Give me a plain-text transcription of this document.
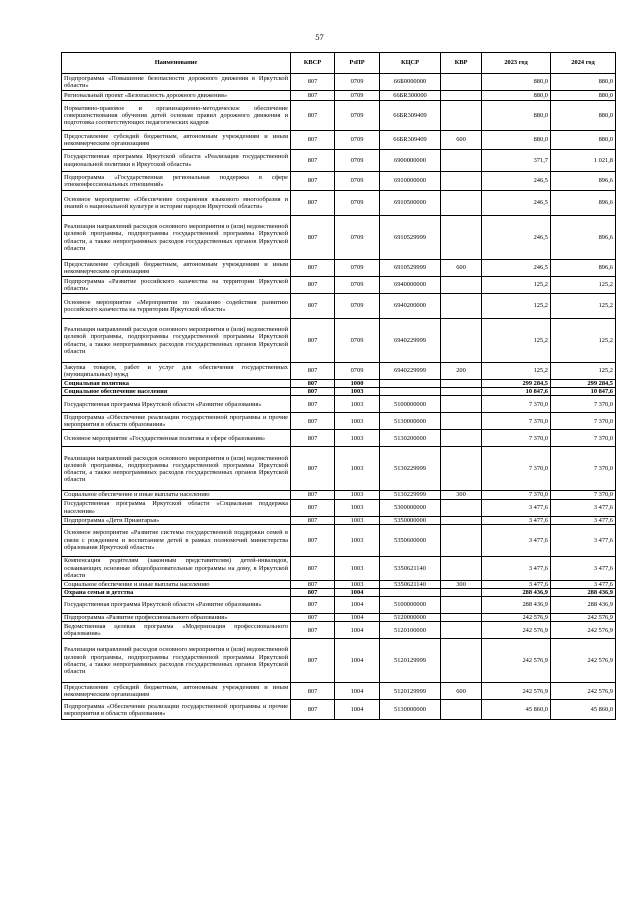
57
Наименование	КВСР	РзПР	КЦСР	КВР	2023 год	2024 год
Подпрограмма «Повышение безопасности дорожного движения в Иркутской области»	807	0709	66Б0000000		880,0	880,0
Региональный проект «Безопасность дорожного движения»	807	0709	66БR300000		880,0	880,0
Нормативно-правовое и организационно-методическое обеспечение совершенствования обучения детей основам правил дорожного движения и подготовка соответствующих педагогических кадров	807	0709	66БR309409		880,0	880,0
Предоставление субсидий бюджетным, автономным учреждениям и иным некоммерческим организациям	807	0709	66БR309409	600	880,0	880,0
Государственная программа Иркутской области «Реализация государственной национальной политики в Иркутской области»	807	0709	6900000000		371,7	1 021,8
Подпрограмма «Государственная региональная поддержка в сфере этноконфессиональных отношений»	807	0709	6910000000		246,5	896,6
Основное мероприятие «Обеспечение сохранения языкового многообразия и знаний о национальной культуре и истории народов Иркутской области»	807	0709	6910500000		246,5	896,6
Реализация направлений расходов основного мероприятия и (или) ведомственной целевой программы, подпрограммы государственной программы Иркутской области, а также непрограммных расходов государственных органов Иркутской области	807	0709	6910529999		246,5	896,6
Предоставление субсидий бюджетным, автономным учреждениям и иным некоммерческим организациям	807	0709	6910529999	600	246,5	896,6
Подпрограмма «Развитие российского казачества на территории Иркутской области»	807	0709	6940000000		125,2	125,2
Основное мероприятие «Мероприятия по оказанию содействия развитию российского казачества на территории Иркутской области»	807	0709	6940200000		125,2	125,2
Реализация направлений расходов основного мероприятия и (или) ведомственной целевой программы, подпрограммы государственной программы Иркутской области, а также непрограммных расходов государственных органов Иркутской области	807	0709	6940229999		125,2	125,2
Закупка товаров, работ и услуг для обеспечения государственных (муниципальных) нужд	807	0709	6940229999	200	125,2	125,2
Социальная политика	807	1000			299 284,5	299 284,5
Социальное обеспечение населения	807	1003			10 847,6	10 847,6
Государственная программа Иркутской области «Развитие образования»	807	1003	5100000000		7 370,0	7 370,0
Подпрограмма «Обеспечение реализации государственной программы и прочие мероприятия в области образования»	807	1003	5130000000		7 370,0	7 370,0
Основное мероприятие «Государственная политика в сфере образования»	807	1003	5130200000		7 370,0	7 370,0
Реализация направлений расходов основного мероприятия и (или) ведомственной целевой программы, подпрограммы государственной программы Иркутской области, а также непрограммных расходов государственных органов Иркутской области	807	1003	5130229999		7 370,0	7 370,0
Социальное обеспечение и иные выплаты населению	807	1003	5130229999	300	7 370,0	7 370,0
Государственная программа Иркутской области «Социальная поддержка населения»	807	1003	5300000000		3 477,6	3 477,6
Подпрограмма «Дети Приангарья»	807	1003	5350000000		3 477,6	3 477,6
Основное мероприятие «Развитие системы государственной поддержки семей в связи с рождением и воспитанием детей в рамках полномочий министерства образования Иркутской области»	807	1003	5350600000		3 477,6	3 477,6
Компенсация родителям (законным представителям) детей-инвалидов, осваивающих основные общеобразовательные программы на дому, в Иркутской области	807	1003	5350621140		3 477,6	3 477,6
Социальное обеспечение и иные выплаты населению	807	1003	5350621140	300	3 477,6	3 477,6
Охрана семьи и детства	807	1004			288 436,9	288 436,9
Государственная программа Иркутской области «Развитие образования»	807	1004	5100000000		288 436,9	288 436,9
Подпрограмма «Развитие профессионального образования»	807	1004	5120000000		242 576,9	242 576,9
Ведомственная целевая программа «Модернизация профессионального образования»	807	1004	5120100000		242 576,9	242 576,9
Реализация направлений расходов основного мероприятия и (или) ведомственной целевой программы, подпрограммы государственной программы Иркутской области, а также непрограммных расходов государственных органов Иркутской области	807	1004	5120129999		242 576,9	242 576,9
Предоставление субсидий бюджетным, автономным учреждениям и иным некоммерческим организациям	807	1004	5120129999	600	242 576,9	242 576,9
Подпрограмма «Обеспечение реализации государственной программы и прочие мероприятия в области образования»	807	1004	5130000000		45 860,0	45 860,0
